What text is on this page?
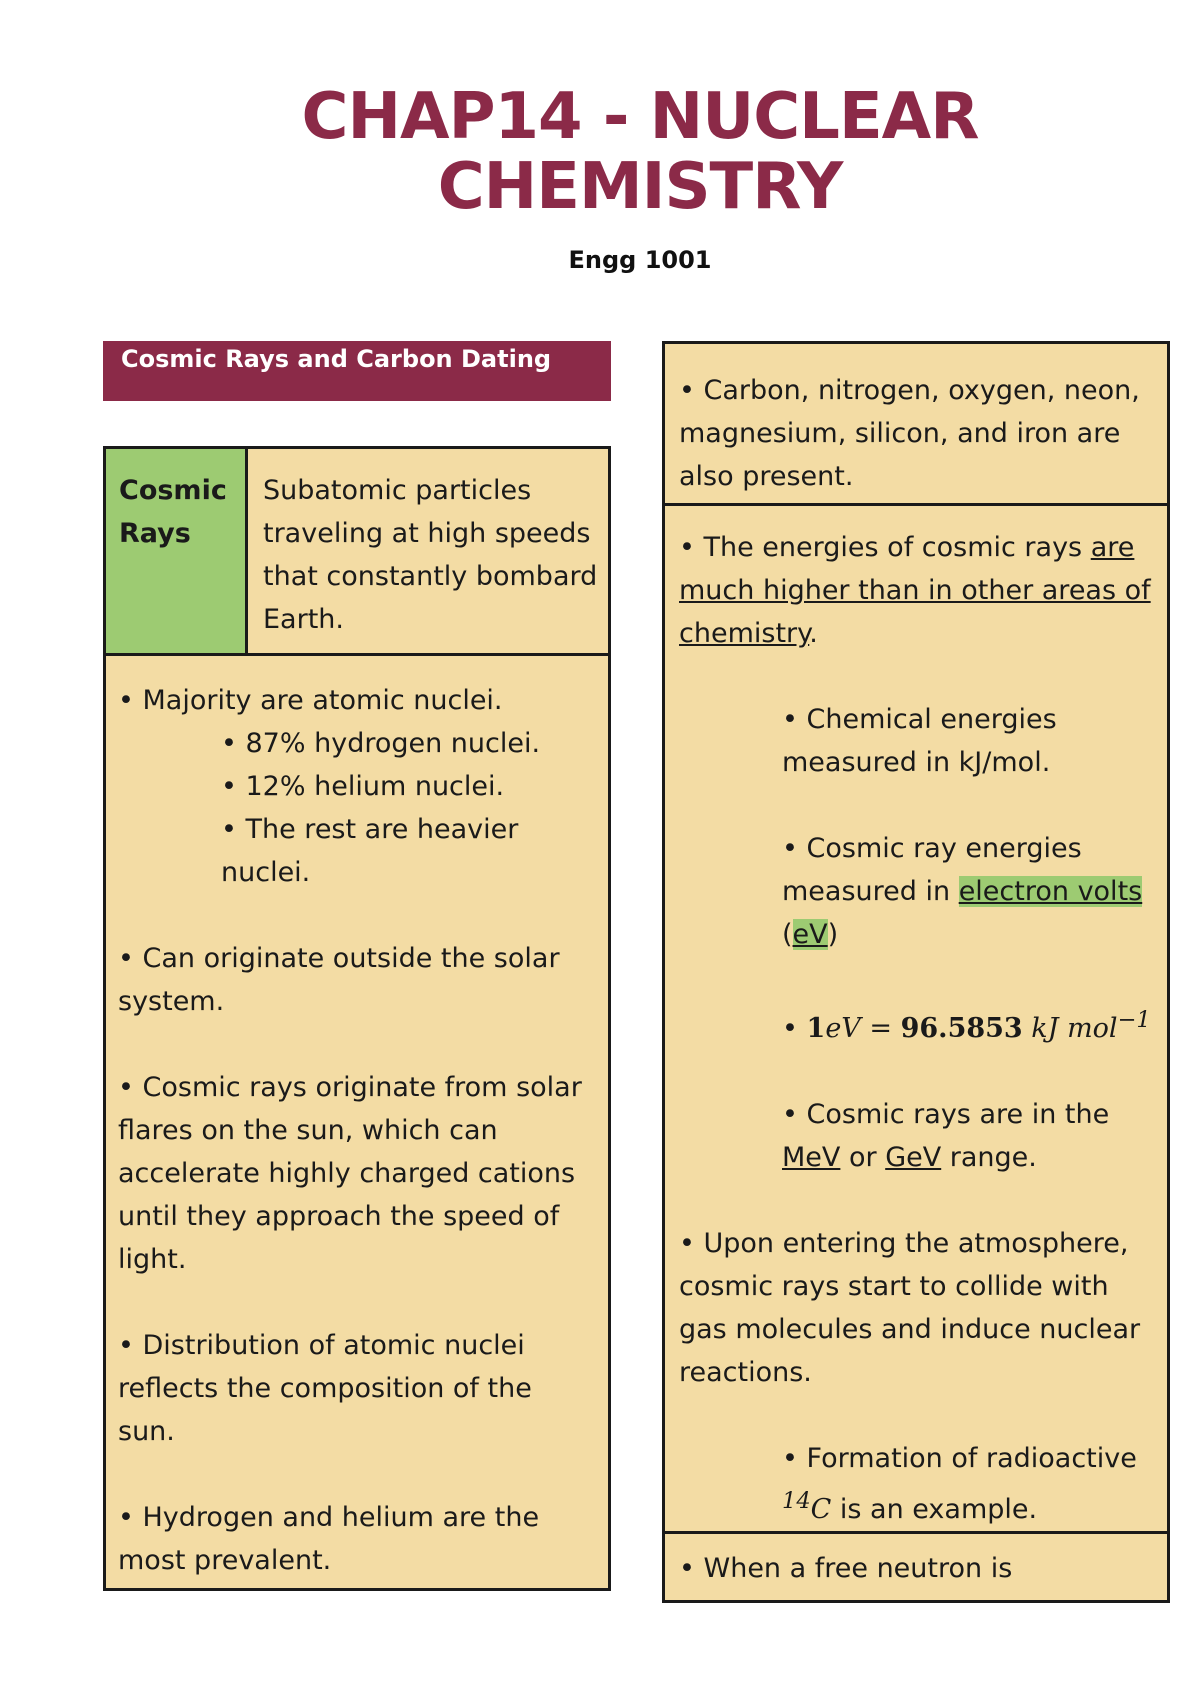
CHAP14 - NUCLEAR
CHEMISTRY
Engg 1001
Cosmic Rays and Carbon Dating
Cosmic
Rays
Subatomic particles traveling at high speeds that constantly bombard Earth.

• Majority are atomic nuclei.

• 87% hydrogen nuclei.

• 12% helium nuclei.

• The rest are heavier nuclei.

• Can originate outside the solar system.

• Cosmic rays originate from solar flares on the sun, which can accelerate highly charged cations until they approach the speed of light.

• Distribution of atomic nuclei reflects the composition of the sun.

• Hydrogen and helium are the most prevalent.

• Carbon, nitrogen, oxygen, neon, magnesium, silicon, and iron are also present.

• The energies of cosmic rays are much higher than in other areas of chemistry.

• Chemical energies measured in kJ/mol.

• Cosmic ray energies measured in electron volts (eV)

• 1eV = 96.5853 kJ mol$^{-1}$

• Cosmic rays are in the MeV or GeV range.

• Upon entering the atmosphere, cosmic rays start to collide with gas molecules and induce nuclear reactions.

• Formation of radioactive $^{14}$C is an example.

• When a free neutron is
